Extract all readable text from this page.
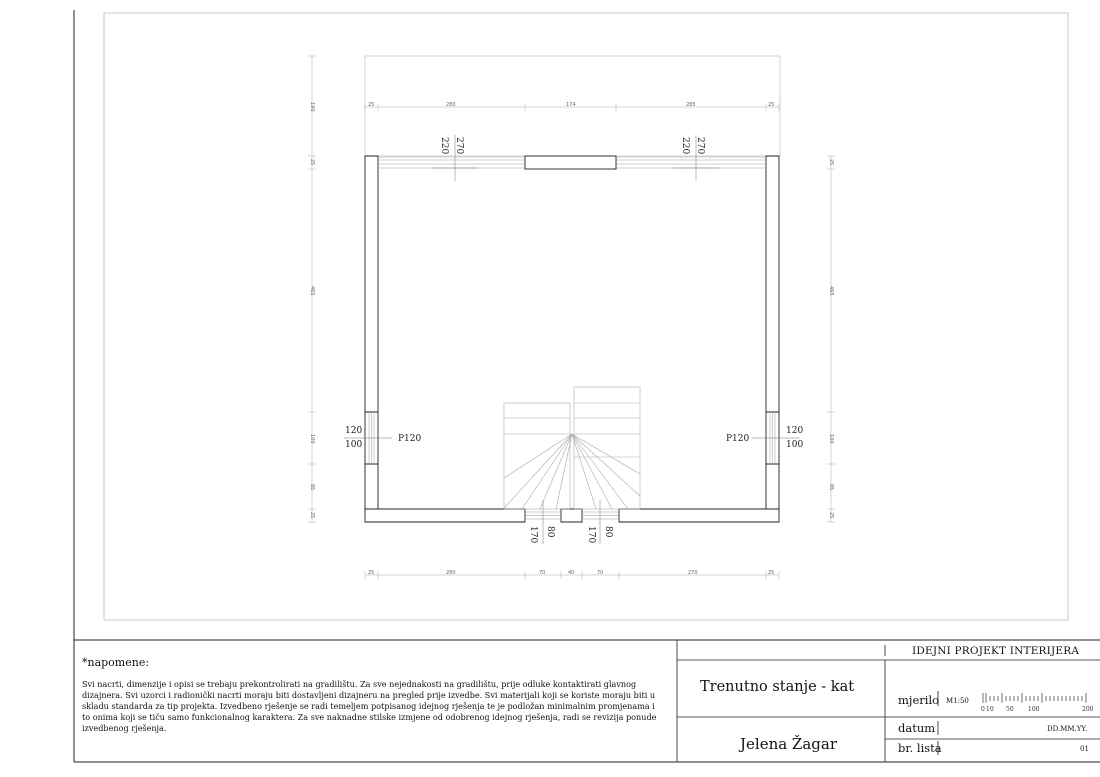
0 10 50 100	200
220 270	220 270
120
100
P120	P120
120
100
170 80	170 80
25	280	174	285	25
25	280	70	40	70	270	25
190
25
465
100
85
25
25
465
100
85
25
*napomene:
Svi nacrti, dimenzije i opisi se trebaju prekontrolirati na gradilištu. Za sve nejednakosti na gradilištu, prije odluke kontaktirati glavnog dizajnera. Svi uzorci i radionički nacrti moraju biti dostavljeni dizajneru na pregled prije izvedbe. Svi materijali koji se koriste moraju biti u skladu standarda za tip projekta. Izvedbeno rješenje se radi temeljem potpisanog idejnog rješenja te je podložan minimalnim promjenama i to onima koji se tiču samo funkcionalnog karaktera. Za sve naknadne stilske izmjene od odobrenog idejnog rješenja, radi se revizija ponude izvedbenog rješenja.
IDEJNI PROJEKT INTERIJERA
Trenutno stanje - kat
Jelena Žagar
mjerilo M1:50
datum	DD.MM.YY.
br. lista	01
